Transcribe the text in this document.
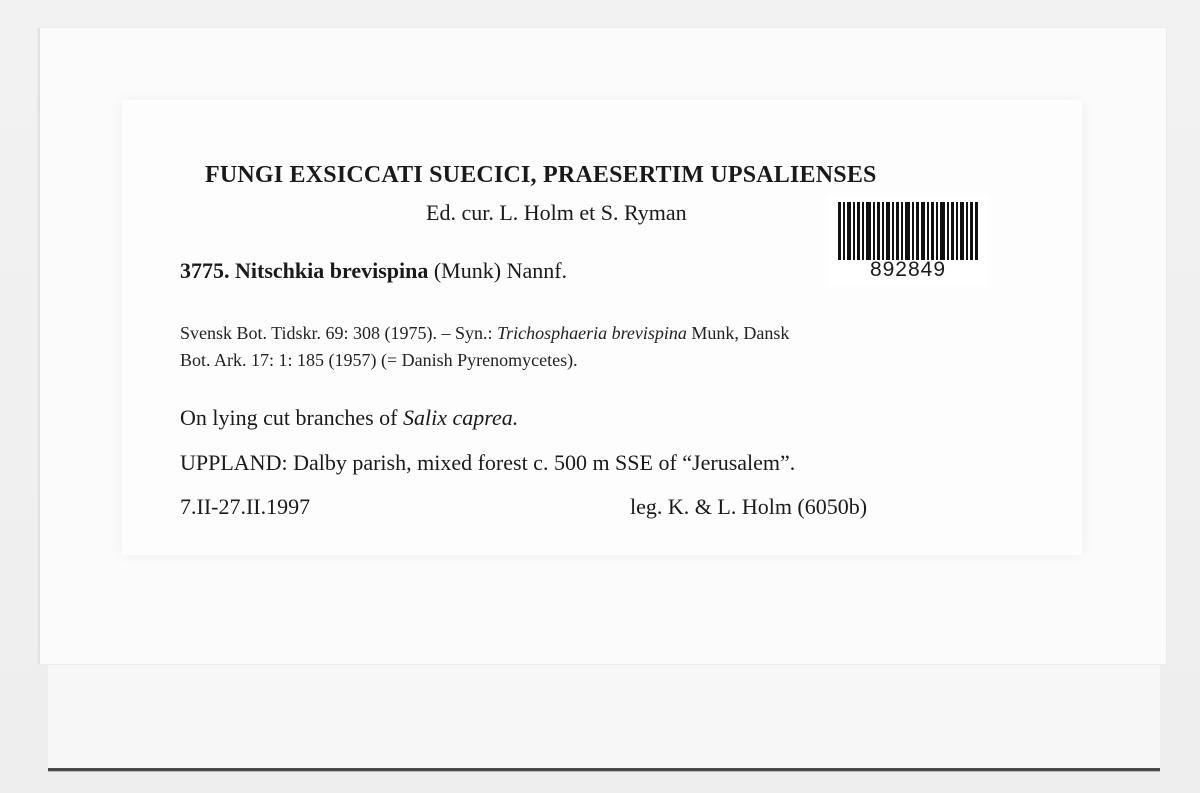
FUNGI EXSICCATI SUECICI, PRAESERTIM UPSALIENSES
Ed. cur. L. Holm et S. Ryman
3775. Nitschkia brevispina (Munk) Nannf.	892849
Svensk Bot. Tidskr. 69: 308 (1975). – Syn.: Trichosphaeria brevispina Munk, Dansk
Bot. Ark. 17: 1: 185 (1957) (= Danish Pyrenomycetes).
On lying cut branches of Salix caprea.
UPPLAND: Dalby parish, mixed forest c. 500 m SSE of “Jerusalem”.
7.II-27.II.1997	leg. K. & L. Holm (6050b)
